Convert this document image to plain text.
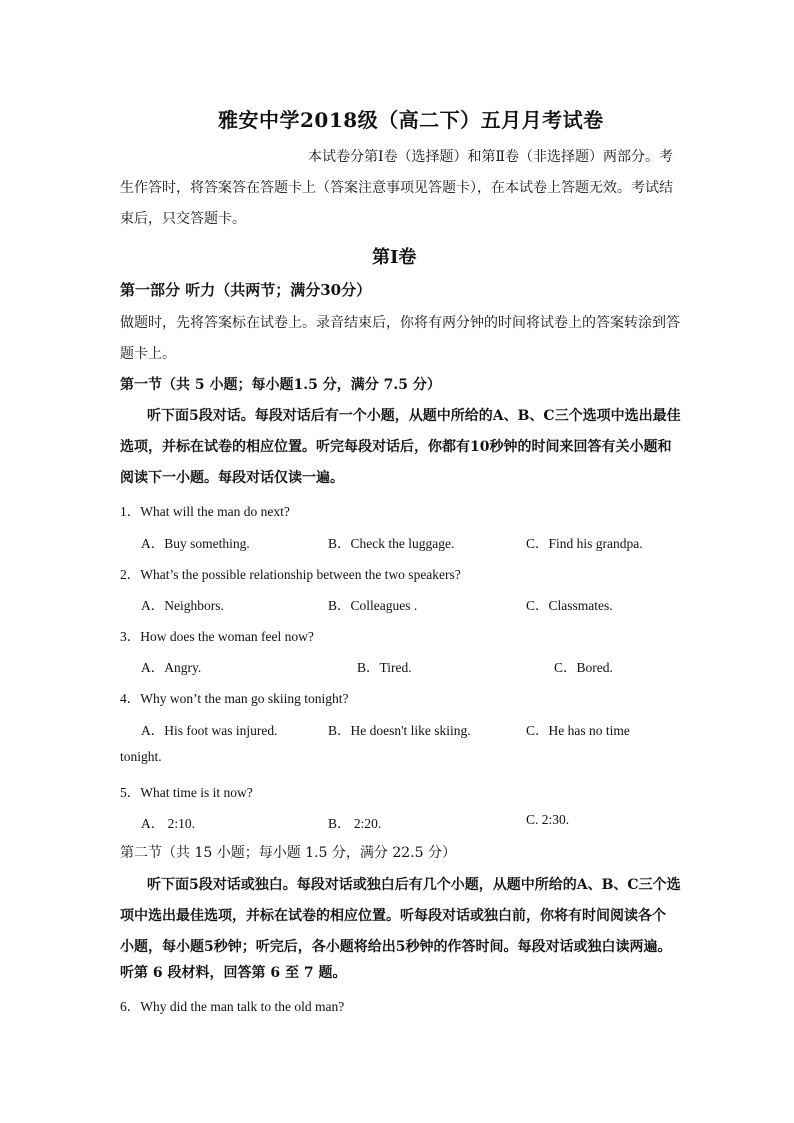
雅安中学2018级（高二下）五月月考试卷
本试卷分第Ⅰ卷（选择题）和第Ⅱ卷（非选择题）两部分。考
生作答时，将答案答在答题卡上（答案注意事项见答题卡），在本试卷上答题无效。考试结
束后，只交答题卡。
第Ⅰ卷
第一部分 听力（共两节；满分30分）
做题时，先将答案标在试卷上。录音结束后，你将有两分钟的时间将试卷上的答案转涂到答
题卡上。
第一节（共 5 小题；每小题1.5 分，满分 7.5 分）
听下面5段对话。每段对话后有一个小题，从题中所给的A、B、C三个选项中选出最佳
选项，并标在试卷的相应位置。听完每段对话后，你都有10秒钟的时间来回答有关小题和
阅读下一小题。每段对话仅读一遍。
1．What will the man do next?
A．Buy something.	B．Check the luggage.	C．Find his grandpa.
2．What’s the possible relationship between the two speakers?
A．Neighbors.	B．Colleagues .	C．Classmates.
3．How does the woman feel now?
A．Angry.	B．Tired.	C．Bored.
4．Why won’t the man go skiing tonight?
A．His foot was injured.	B．He doesn't like skiing.	C．He has no time
tonight.
5．What time is it now?
A． 2:10.	B． 2:20.	C. 2:30.
第二节（共 15 小题；每小题 1.5 分，满分 22.5 分）
听下面5段对话或独白。每段对话或独白后有几个小题，从题中所给的A、B、C三个选
项中选出最佳选项，并标在试卷的相应位置。听每段对话或独白前，你将有时间阅读各个
小题，每小题5秒钟；听完后，各小题将给出5秒钟的作答时间。每段对话或独白读两遍。
听第 6 段材料，回答第 6 至 7 题。
6．Why did the man talk to the old man?
